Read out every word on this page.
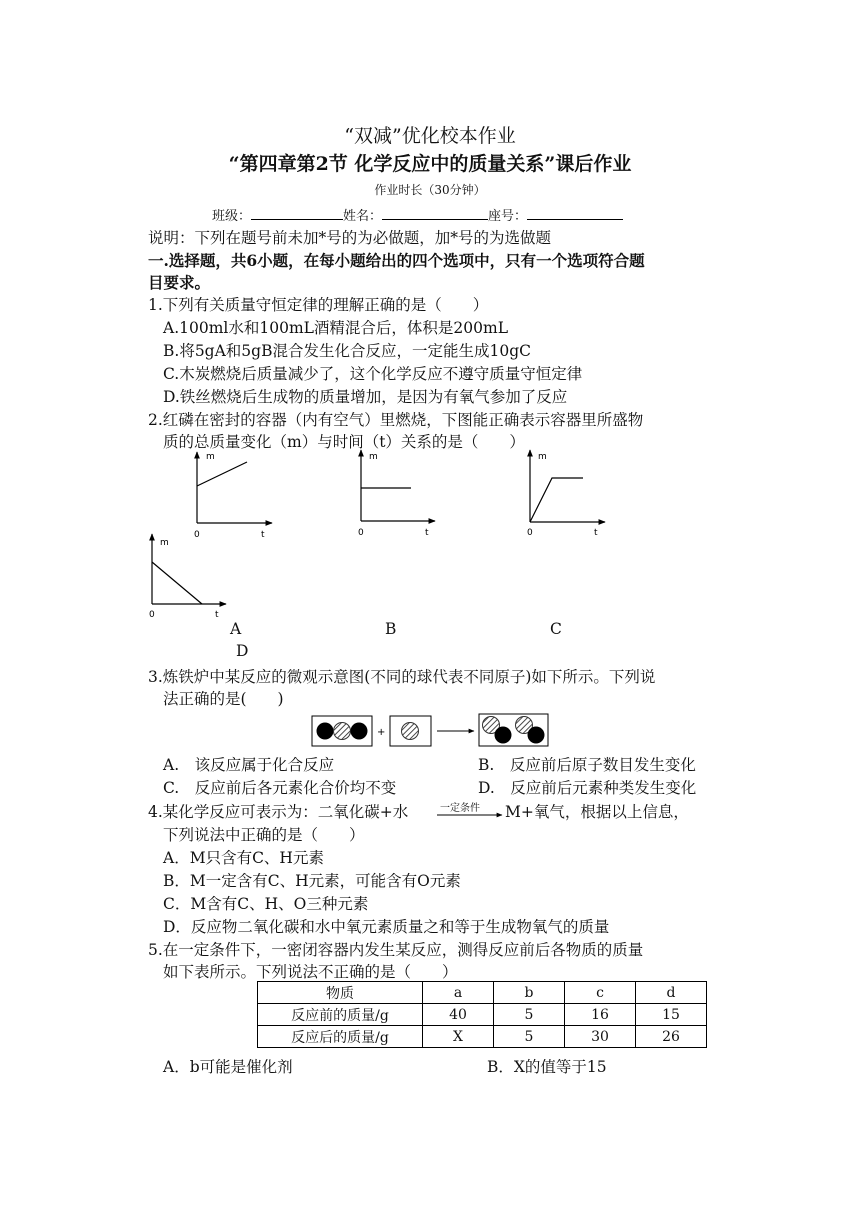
“双减”优化校本作业
“第四章第2节 化学反应中的质量关系”课后作业
作业时长（30分钟）
班级：	姓名：	座号：
说明：下列在题号前未加*号的为必做题，加*号的为选做题
一.选择题，共6小题，在每小题给出的四个选项中，只有一个选项符合题
目要求。
1.下列有关质量守恒定律的理解正确的是（　　）
A.100ml水和100mL酒精混合后，体积是200mL
B.将5gA和5gB混合发生化合反应，一定能生成10gC
C.木炭燃烧后质量减少了，这个化学反应不遵守质量守恒定律
D.铁丝燃烧后生成物的质量增加，是因为有氧气参加了反应
2.红磷在密封的容器（内有空气）里燃烧，下图能正确表示容器里所盛物
质的总质量变化（m）与时间（t）关系的是（　　）
m
0	t
m
0	t
m
0	t
m
0	t
+
A	B	C
D
3.炼铁炉中某反应的微观示意图(不同的球代表不同原子)如下所示。下列说
法正确的是(　　)
A.　该反应属于化合反应	B.　反应前后原子数目发生变化
C.　反应前后各元素化合价均不变	D.　反应前后元素种类发生变化
4.某化学反应可表示为：二氧化碳+水	一定条件 M+氧气，根据以上信息，
下列说法中正确的是（　　）
A．M只含有C、H元素
B．M一定含有C、H元素，可能含有O元素
C．M含有C、H、O三种元素
D．反应物二氧化碳和水中氧元素质量之和等于生成物氧气的质量
5.在一定条件下，一密闭容器内发生某反应，测得反应前后各物质的质量
如下表所示。下列说法不正确的是（　　）
物质	a	b	c	d
反应前的质量/g	40	5	16	15
反应后的质量/g	X	5	30	26
A．b可能是催化剂	B．X的值等于15
